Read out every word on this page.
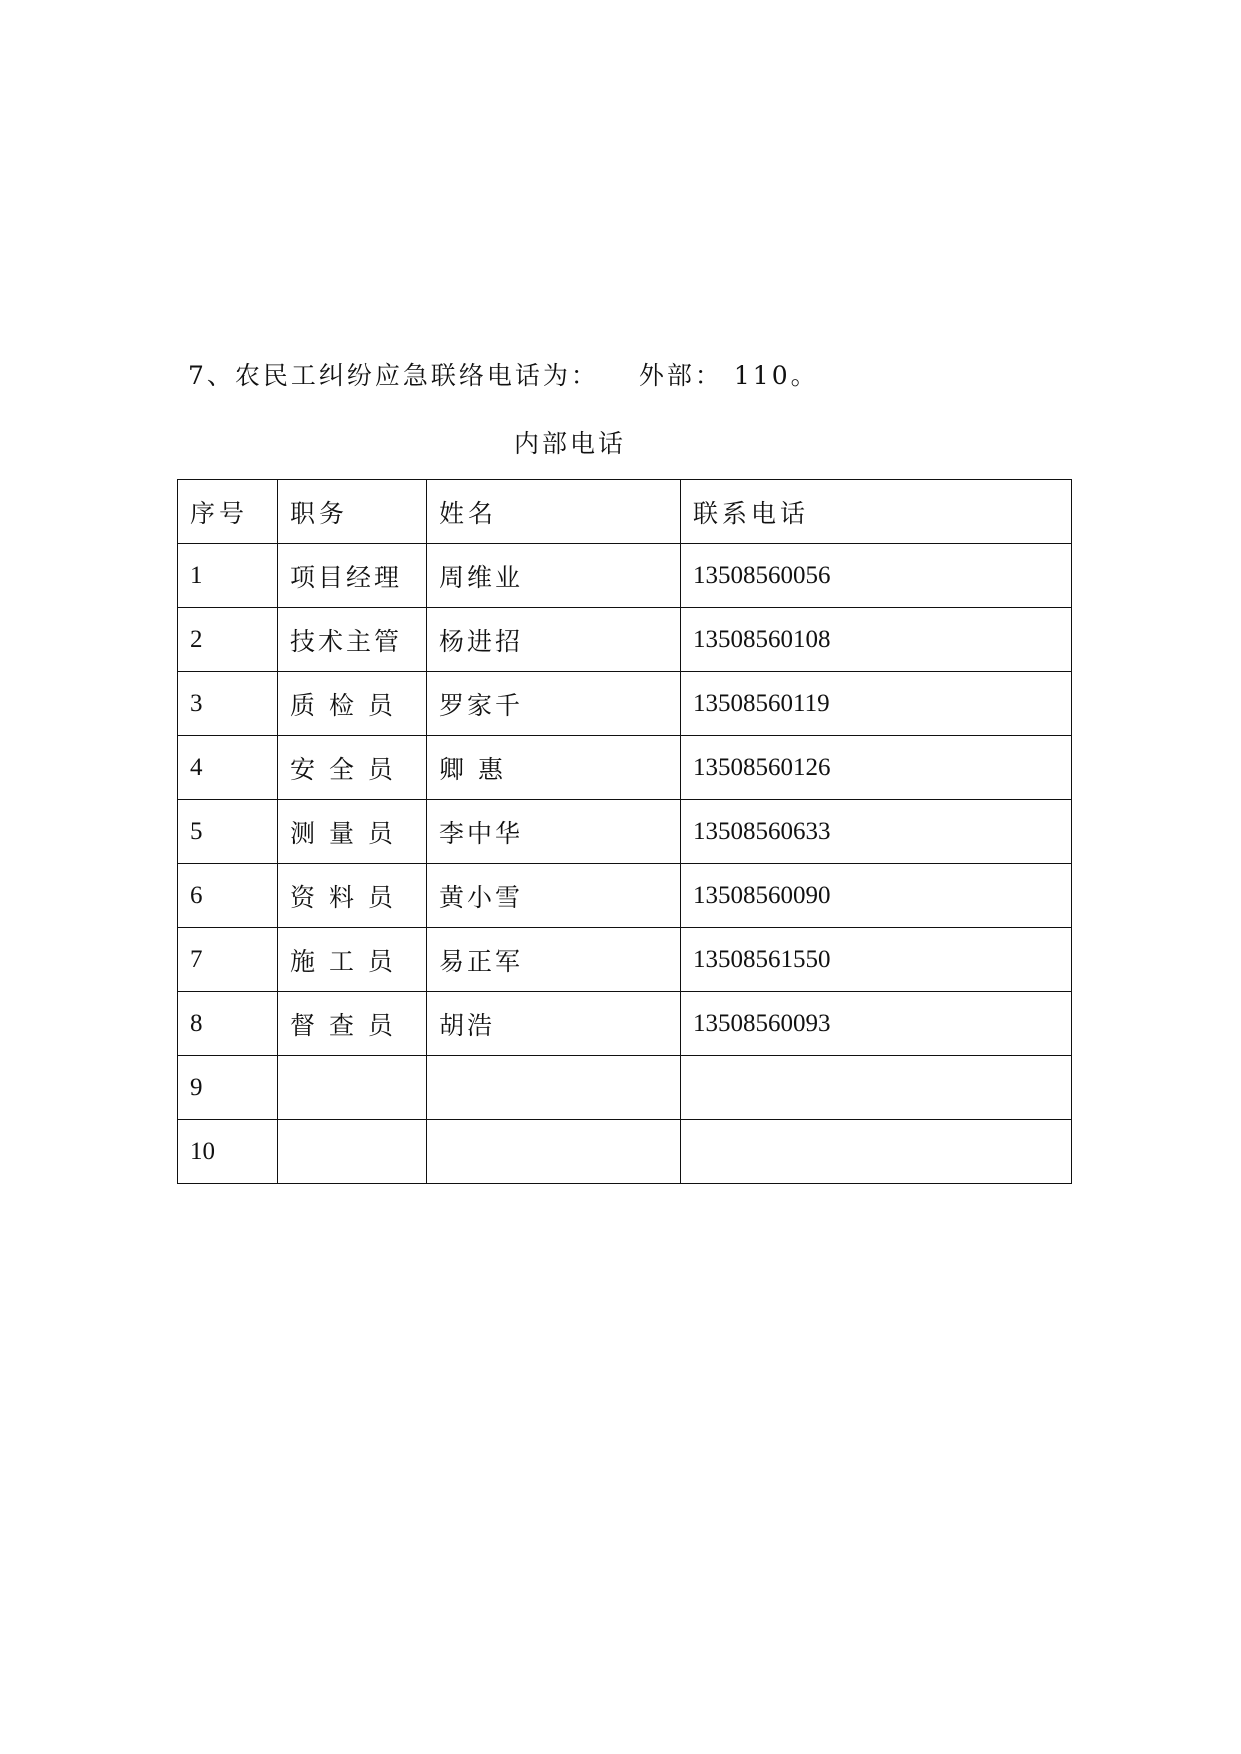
7、农民工纠纷应急联络电话为： 外部： 110。
内部电话
序号	职务	姓名	联系电话
1	项目经理	周维业	13508560056
2	技术主管	杨进招	13508560108
3	质 检 员	罗家千	13508560119
4	安 全 员	卿 惠	13508560126
5	测 量 员	李中华	13508560633
6	资 料 员	黄小雪	13508560090
7	施 工 员	易正军	13508561550
8	督 查 员	胡浩	13508560093
9			
10			
